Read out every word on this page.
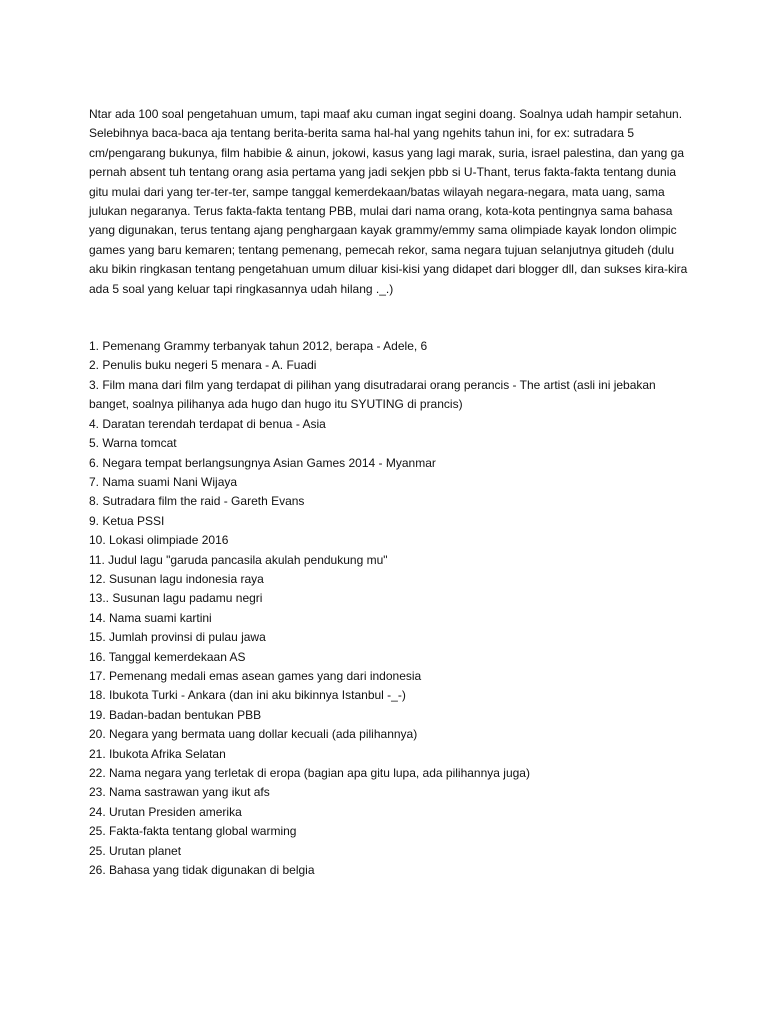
Ntar ada 100 soal pengetahuan umum, tapi maaf aku cuman ingat segini doang. Soalnya udah hampir setahun. Selebihnya baca-baca aja tentang berita-berita sama hal-hal yang ngehits tahun ini, for ex: sutradara 5 cm/pengarang bukunya, film habibie & ainun, jokowi, kasus yang lagi marak, suria, israel palestina, dan yang ga pernah absent tuh tentang orang asia pertama yang jadi sekjen pbb si U-Thant, terus fakta-fakta tentang dunia gitu mulai dari yang ter-ter-ter, sampe tanggal kemerdekaan/batas wilayah negara-negara, mata uang, sama julukan negaranya. Terus fakta-fakta tentang PBB, mulai dari nama orang, kota-kota pentingnya sama bahasa yang digunakan, terus tentang ajang penghargaan kayak grammy/emmy sama olimpiade kayak london olimpic games yang baru kemaren; tentang pemenang, pemecah rekor, sama negara tujuan selanjutnya gitudeh (dulu aku bikin ringkasan tentang pengetahuan umum diluar kisi-kisi yang didapet dari blogger dll, dan sukses kira-kira ada 5 soal yang keluar tapi ringkasannya udah hilang ._.)

1. Pemenang Grammy terbanyak tahun 2012, berapa - Adele, 6
2. Penulis buku negeri 5 menara - A. Fuadi
3. Film mana dari film yang terdapat di pilihan yang disutradarai orang perancis - The artist (asli ini jebakan banget, soalnya pilihanya ada hugo dan hugo itu SYUTING di prancis)
4. Daratan terendah terdapat di benua - Asia
5. Warna tomcat
6. Negara tempat berlangsungnya Asian Games 2014 - Myanmar
7. Nama suami Nani Wijaya
8. Sutradara film the raid - Gareth Evans
9. Ketua PSSI
10. Lokasi olimpiade 2016
11. Judul lagu "garuda pancasila akulah pendukung mu"
12. Susunan lagu indonesia raya
13.. Susunan lagu padamu negri
14. Nama suami kartini
15. Jumlah provinsi di pulau jawa
16. Tanggal kemerdekaan AS
17. Pemenang medali emas asean games yang dari indonesia
18. Ibukota Turki - Ankara (dan ini aku bikinnya Istanbul -_-)
19. Badan-badan bentukan PBB
20. Negara yang bermata uang dollar kecuali (ada pilihannya)
21. Ibukota Afrika Selatan
22. Nama negara yang terletak di eropa (bagian apa gitu lupa, ada pilihannya juga)
23. Nama sastrawan yang ikut afs
24. Urutan Presiden amerika
25. Fakta-fakta tentang global warming
25. Urutan planet
26. Bahasa yang tidak digunakan di belgia
